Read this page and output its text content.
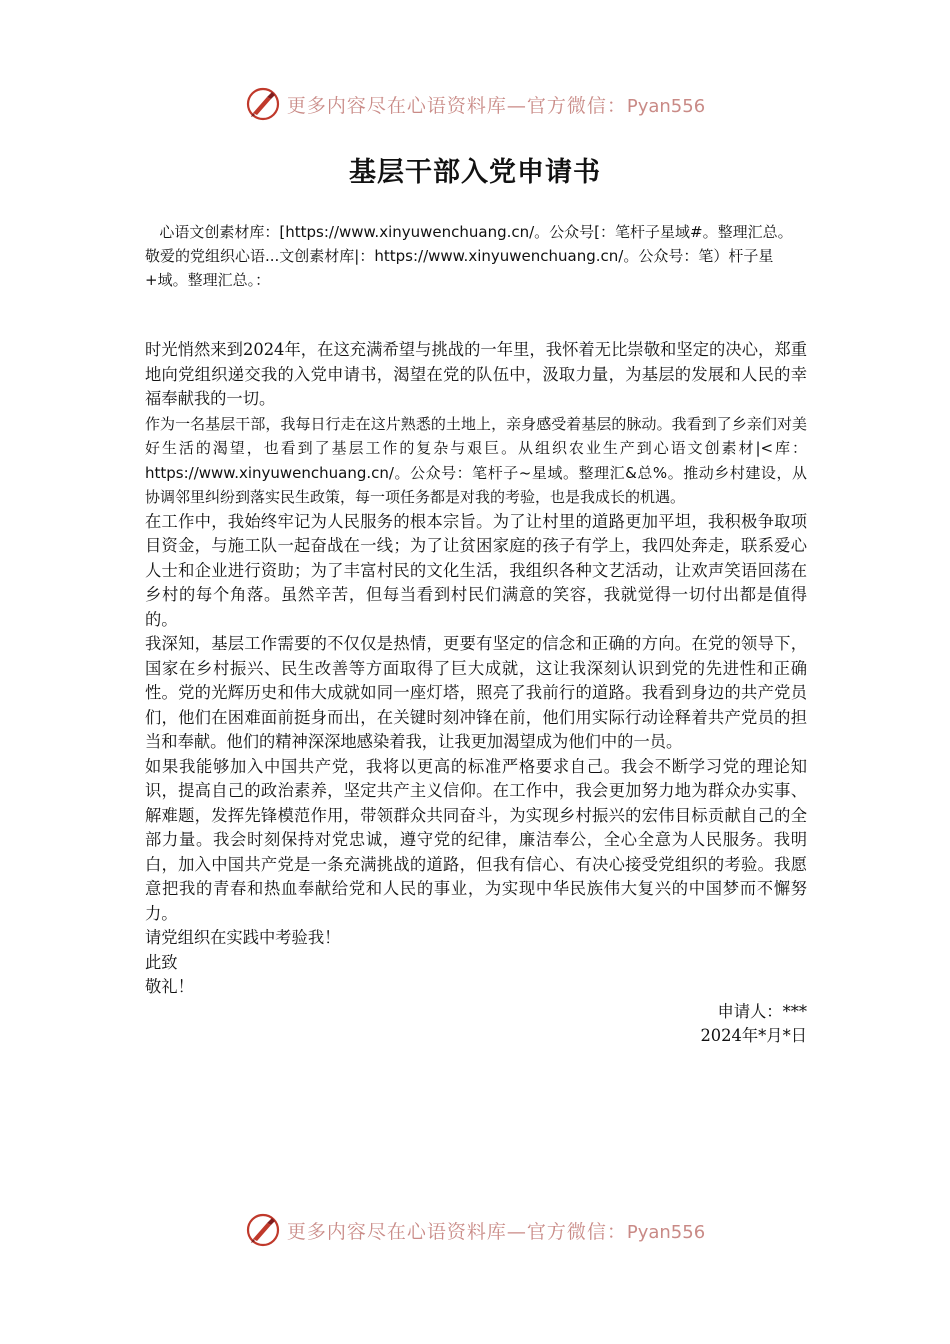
更多内容尽在心语资料库—官方微信：Pyan556
基层干部入党申请书

心语文创素材库：[https://www.xinyuwenchuang.cn/。公众号[：笔杆子星域#。整理汇总。

敬爱的党组织心语...文创素材库|：https://www.xinyuwenchuang.cn/。公众号：笔）杆子星+域。整理汇总。：

时光悄然来到2024年，在这充满希望与挑战的一年里，我怀着无比崇敬和坚定的决心，郑重地向党组织递交我的入党申请书，渴望在党的队伍中，汲取力量，为基层的发展和人民的幸福奉献我的一切。

作为一名基层干部，我每日行走在这片熟悉的土地上，亲身感受着基层的脉动。我看到了乡亲们对美好生活的渴望，也看到了基层工作的复杂与艰巨。从组织农业生产到心语文创素材|<库：https://www.xinyuwenchuang.cn/。公众号：笔杆子~星域。整理汇&总%。推动乡村建设，从协调邻里纠纷到落实民生政策，每一项任务都是对我的考验，也是我成长的机遇。

在工作中，我始终牢记为人民服务的根本宗旨。为了让村里的道路更加平坦，我积极争取项目资金，与施工队一起奋战在一线；为了让贫困家庭的孩子有学上，我四处奔走，联系爱心人士和企业进行资助；为了丰富村民的文化生活，我组织各种文艺活动，让欢声笑语回荡在乡村的每个角落。虽然辛苦，但每当看到村民们满意的笑容，我就觉得一切付出都是值得的。

我深知，基层工作需要的不仅仅是热情，更要有坚定的信念和正确的方向。在党的领导下，国家在乡村振兴、民生改善等方面取得了巨大成就，这让我深刻认识到党的先进性和正确性。党的光辉历史和伟大成就如同一座灯塔，照亮了我前行的道路。我看到身边的共产党员们，他们在困难面前挺身而出，在关键时刻冲锋在前，他们用实际行动诠释着共产党员的担当和奉献。他们的精神深深地感染着我，让我更加渴望成为他们中的一员。

如果我能够加入中国共产党，我将以更高的标准严格要求自己。我会不断学习党的理论知识，提高自己的政治素养，坚定共产主义信仰。在工作中，我会更加努力地为群众办实事、解难题，发挥先锋模范作用，带领群众共同奋斗，为实现乡村振兴的宏伟目标贡献自己的全部力量。我会时刻保持对党忠诚，遵守党的纪律，廉洁奉公，全心全意为人民服务。我明白，加入中国共产党是一条充满挑战的道路，但我有信心、有决心接受党组织的考验。我愿意把我的青春和热血奉献给党和人民的事业，为实现中华民族伟大复兴的中国梦而不懈努力。

请党组织在实践中考验我！

此致

敬礼！

申请人：***

2024年*月*日

更多内容尽在心语资料库—官方微信：Pyan556
